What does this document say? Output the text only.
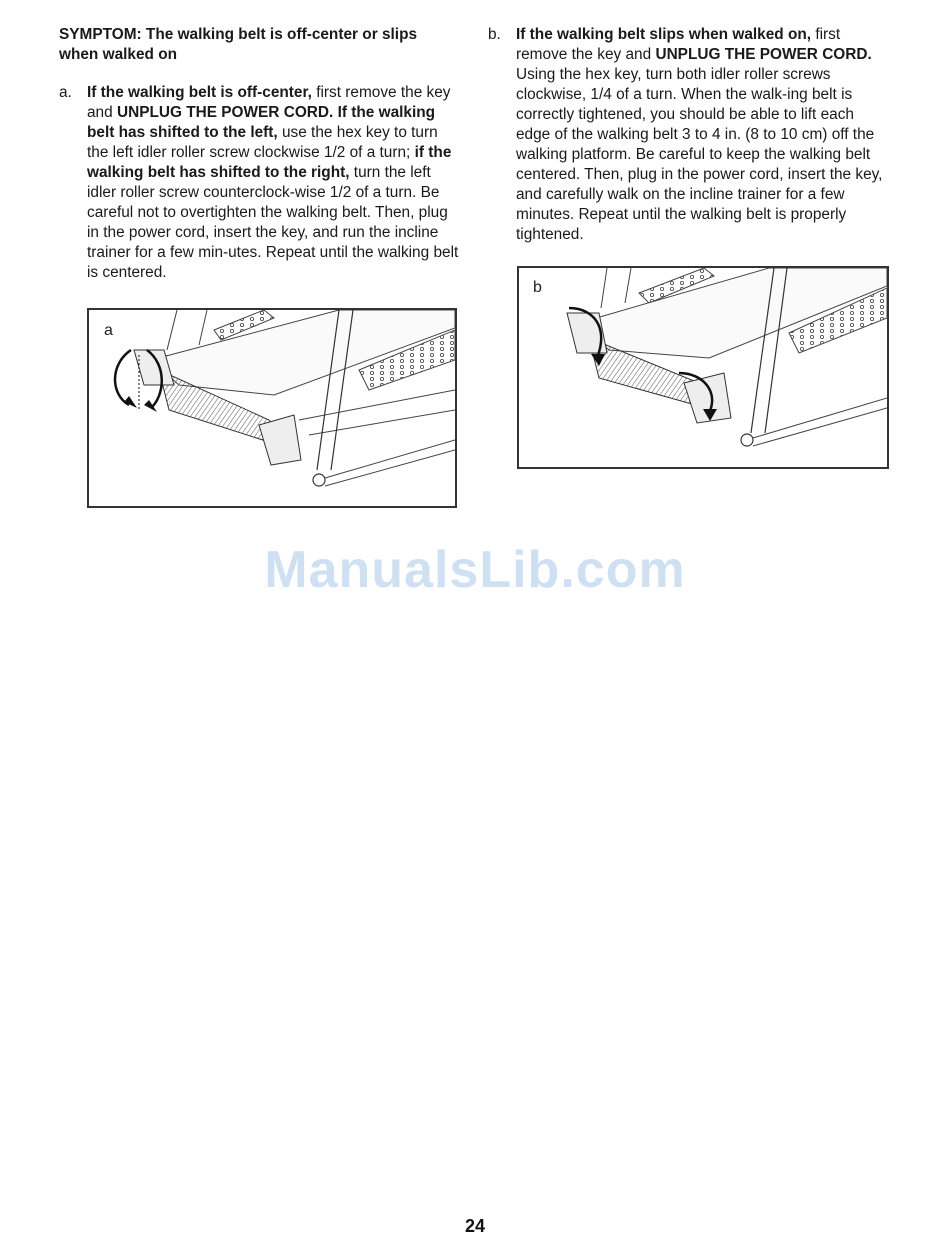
SYMPTOM: The walking belt is off-center or slips when walked on

a. If the walking belt is off-center, first remove the key and UNPLUG THE POWER CORD. If the walking belt has shifted to the left, use the hex key to turn the left idler roller screw clockwise 1/2 of a turn; if the walking belt has shifted to the right, turn the left idler roller screw counterclock-wise 1/2 of a turn. Be careful not to overtighten the walking belt. Then, plug in the power cord, insert the key, and run the incline trainer for a few min-utes. Repeat until the walking belt is centered.
b. If the walking belt slips when walked on, first remove the key and UNPLUG THE POWER CORD. Using the hex key, turn both idler roller screws clockwise, 1/4 of a turn. When the walk-ing belt is correctly tightened, you should be able to lift each edge of the walking belt 3 to 4 in. (8 to 10 cm) off the walking platform. Be careful to keep the walking belt centered. Then, plug in the power cord, insert the key, and carefully walk on the incline trainer for a few minutes. Repeat until the walking belt is properly tightened.
a
b
ManualsLib.com
24
